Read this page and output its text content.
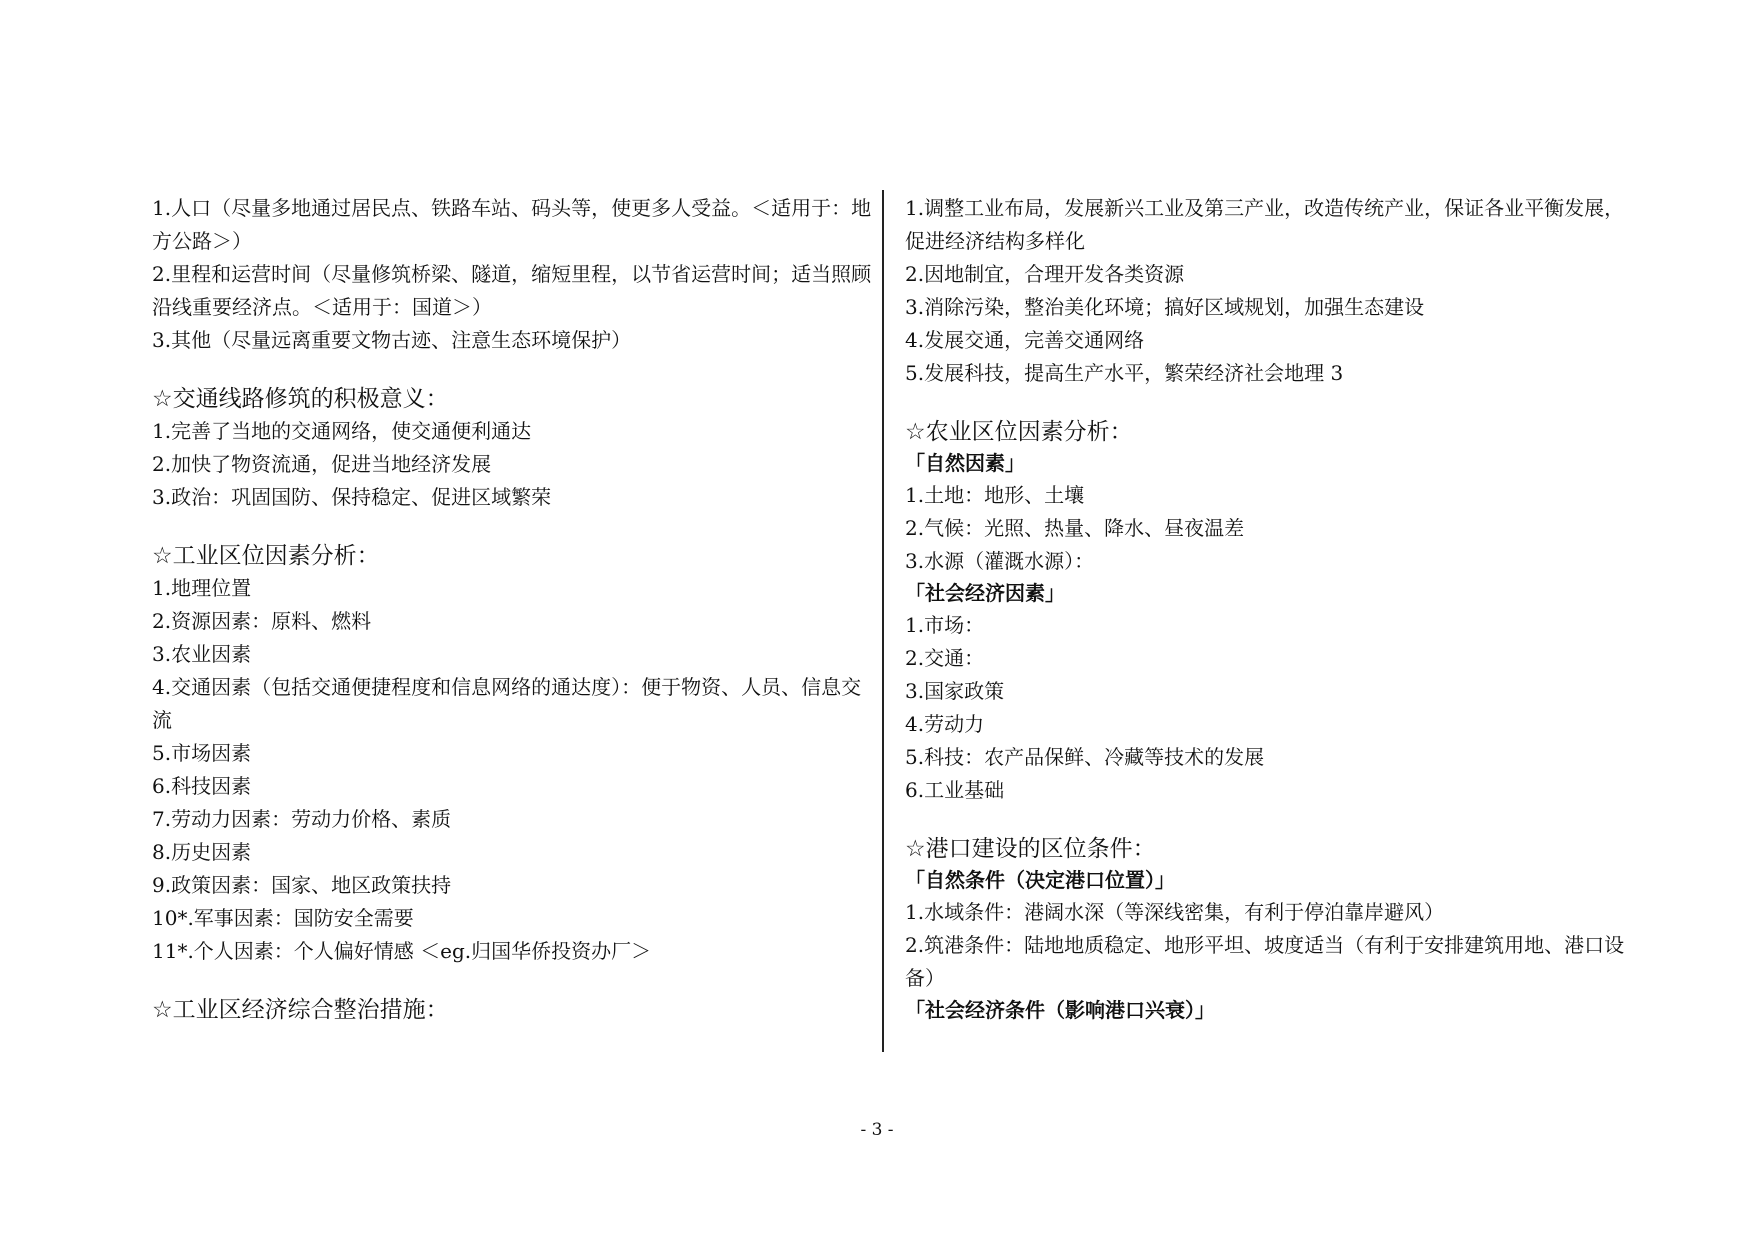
1.人口（尽量多地通过居民点、铁路车站、码头等，使更多人受益。＜适用于：地方公路＞）
2.里程和运营时间（尽量修筑桥梁、隧道，缩短里程，以节省运营时间；适当照顾沿线重要经济点。＜适用于：国道＞）
3.其他（尽量远离重要文物古迹、注意生态环境保护）
☆交通线路修筑的积极意义：
1.完善了当地的交通网络，使交通便利通达
2.加快了物资流通，促进当地经济发展
3.政治：巩固国防、保持稳定、促进区域繁荣
☆工业区位因素分析：
1.地理位置
2.资源因素：原料、燃料
3.农业因素
4.交通因素（包括交通便捷程度和信息网络的通达度）：便于物资、人员、信息交流
5.市场因素
6.科技因素
7.劳动力因素：劳动力价格、素质
8.历史因素
9.政策因素：国家、地区政策扶持
10*.军事因素：国防安全需要
11*.个人因素：个人偏好情感 ＜eg.归国华侨投资办厂＞
☆工业区经济综合整治措施：
1.调整工业布局，发展新兴工业及第三产业，改造传统产业，保证各业平衡发展，促进经济结构多样化
2.因地制宜，合理开发各类资源
3.消除污染，整治美化环境；搞好区域规划，加强生态建设
4.发展交通，完善交通网络
5.发展科技，提高生产水平，繁荣经济社会地理 3
☆农业区位因素分析：
「自然因素」
1.土地：地形、土壤
2.气候：光照、热量、降水、昼夜温差
3.水源（灌溉水源）：
「社会经济因素」
1.市场：
2.交通：
3.国家政策
4.劳动力
5.科技：农产品保鲜、冷藏等技术的发展
6.工业基础
☆港口建设的区位条件：
「自然条件（决定港口位置）」
1.水域条件：港阔水深（等深线密集，有利于停泊靠岸避风）
2.筑港条件：陆地地质稳定、地形平坦、坡度适当（有利于安排建筑用地、港口设备）
「社会经济条件（影响港口兴衰）」
- 3 -
